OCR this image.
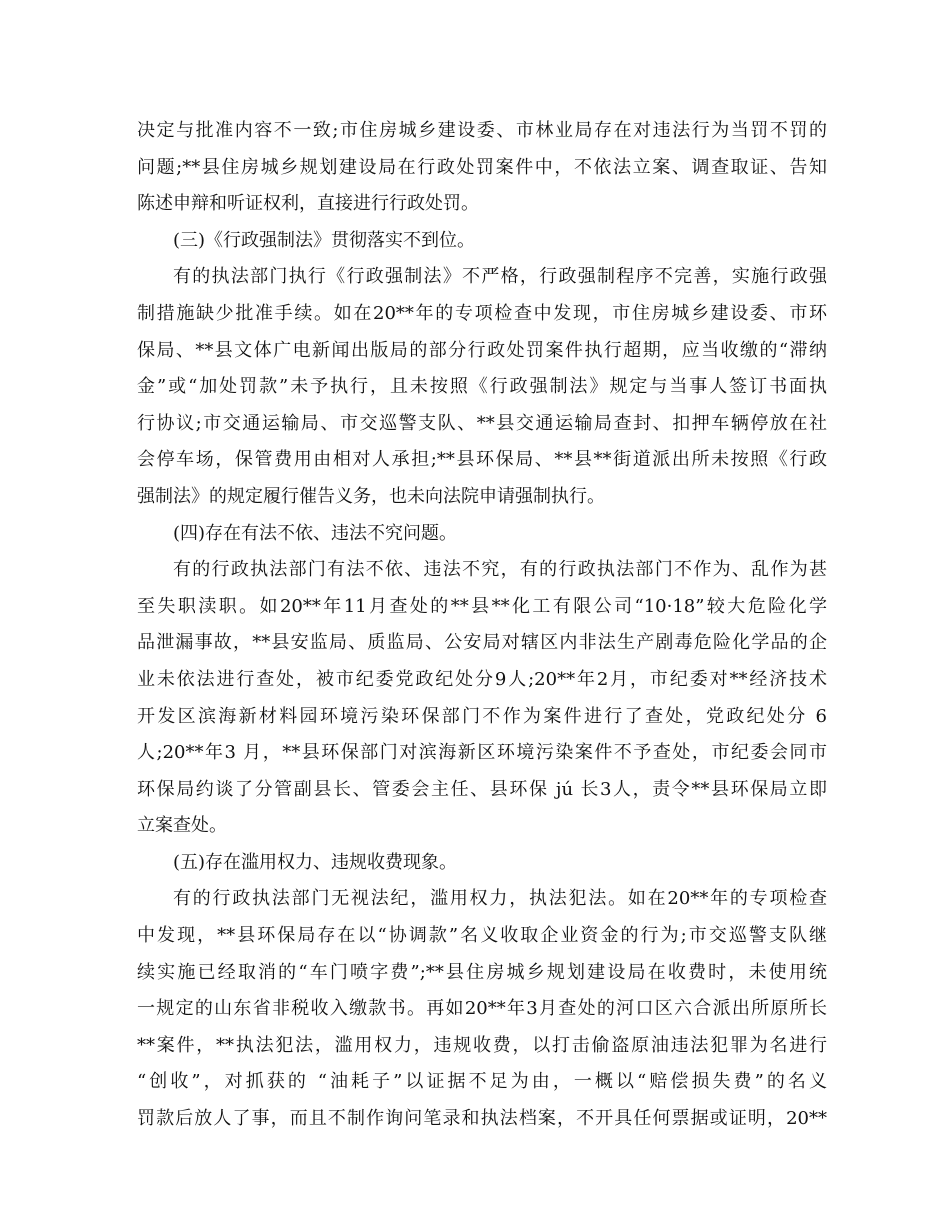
决定与批准内容不一致;市住房城乡建设委、市林业局存在对违法行为当罚不罚的
问题;**县住房城乡规划建设局在行政处罚案件中，不依法立案、调查取证、告知
陈述申辩和听证权利，直接进行行政处罚。
(三)《行政强制法》贯彻落实不到位。
有的执法部门执行《行政强制法》不严格，行政强制程序不完善，实施行政强
制措施缺少批准手续。如在20**年的专项检查中发现，市住房城乡建设委、市环
保局、**县文体广电新闻出版局的部分行政处罚案件执行超期，应当收缴的“滞纳
金”或“加处罚款”未予执行，且未按照《行政强制法》规定与当事人签订书面执
行协议;市交通运输局、市交巡警支队、**县交通运输局查封、扣押车辆停放在社
会停车场，保管费用由相对人承担;**县环保局、**县**街道派出所未按照《行政
强制法》的规定履行催告义务，也未向法院申请强制执行。
(四)存在有法不依、违法不究问题。
有的行政执法部门有法不依、违法不究，有的行政执法部门不作为、乱作为甚
至失职渎职。如20**年11月查处的**县**化工有限公司“10·18”较大危险化学
品泄漏事故，**县安监局、质监局、公安局对辖区内非法生产剧毒危险化学品的企
业未依法进行查处，被市纪委党政纪处分9人;20**年2月，市纪委对**经济技术
开发区滨海新材料园环境污染环保部门不作为案件进行了查处，党政纪处分 6
人;20**年3 月，**县环保部门对滨海新区环境污染案件不予查处，市纪委会同市
环保局约谈了分管副县长、管委会主任、县环保 jú 长3人，责令**县环保局立即
立案查处。
(五)存在滥用权力、违规收费现象。
有的行政执法部门无视法纪，滥用权力，执法犯法。如在20**年的专项检查
中发现，**县环保局存在以“协调款”名义收取企业资金的行为;市交巡警支队继
续实施已经取消的“车门喷字费”;**县住房城乡规划建设局在收费时，未使用统
一规定的山东省非税收入缴款书。再如20**年3月查处的河口区六合派出所原所长
**案件，**执法犯法，滥用权力，违规收费，以打击偷盗原油违法犯罪为名进行
“创收”，对抓获的 “油耗子”以证据不足为由，一概以“赔偿损失费”的名义
罚款后放人了事，而且不制作询问笔录和执法档案，不开具任何票据或证明，20**
